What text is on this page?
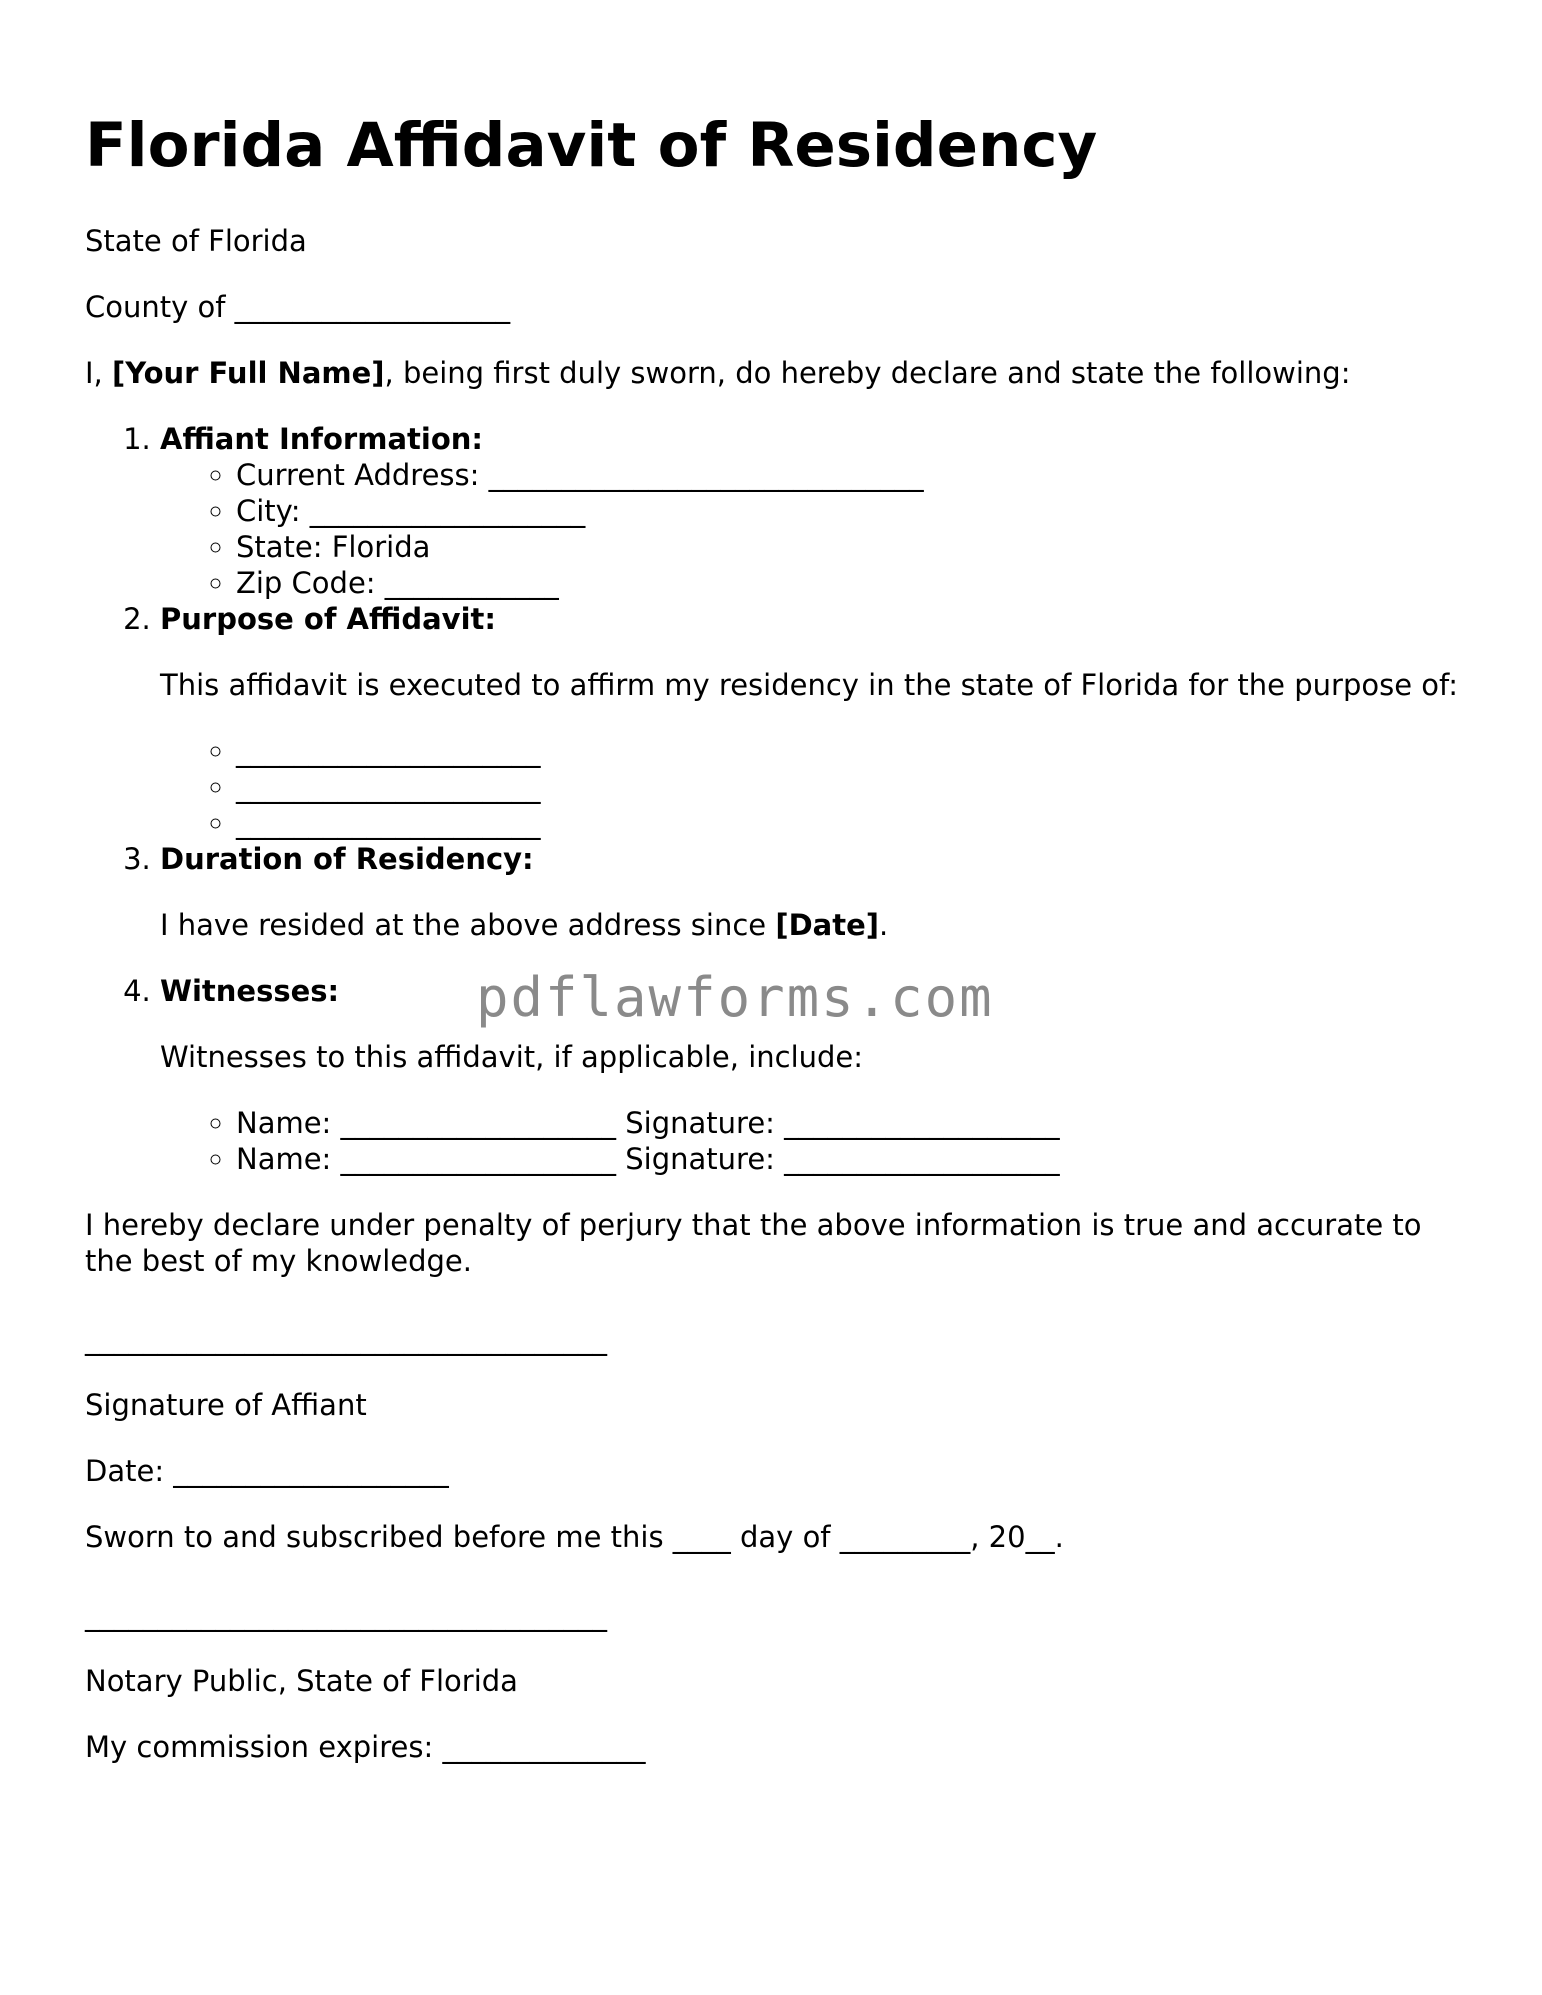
Florida Affidavit of Residency

State of Florida

County of ___________________

I, [Your Full Name], being first duly sworn, do hereby declare and state the following:

1. Affiant Information:
◦ Current Address: ______________________________
◦ City: ___________________
◦ State: Florida
◦ Zip Code: ____________
2. Purpose of Affidavit:
This affidavit is executed to affirm my residency in the state of Florida for the purpose of:
◦ _____________________
◦ _____________________
◦ _____________________
3. Duration of Residency:
I have resided at the above address since [Date].
4. Witnesses:
Witnesses to this affidavit, if applicable, include:
◦ Name: ___________________ Signature: ___________________
◦ Name: ___________________ Signature: ___________________

I hereby declare under penalty of perjury that the above information is true and accurate to the best of my knowledge.

____________________________________

Signature of Affiant

Date: ___________________

Sworn to and subscribed before me this ____ day of _________, 20__.

____________________________________

Notary Public, State of Florida

My commission expires: ______________

pdflawforms.com
